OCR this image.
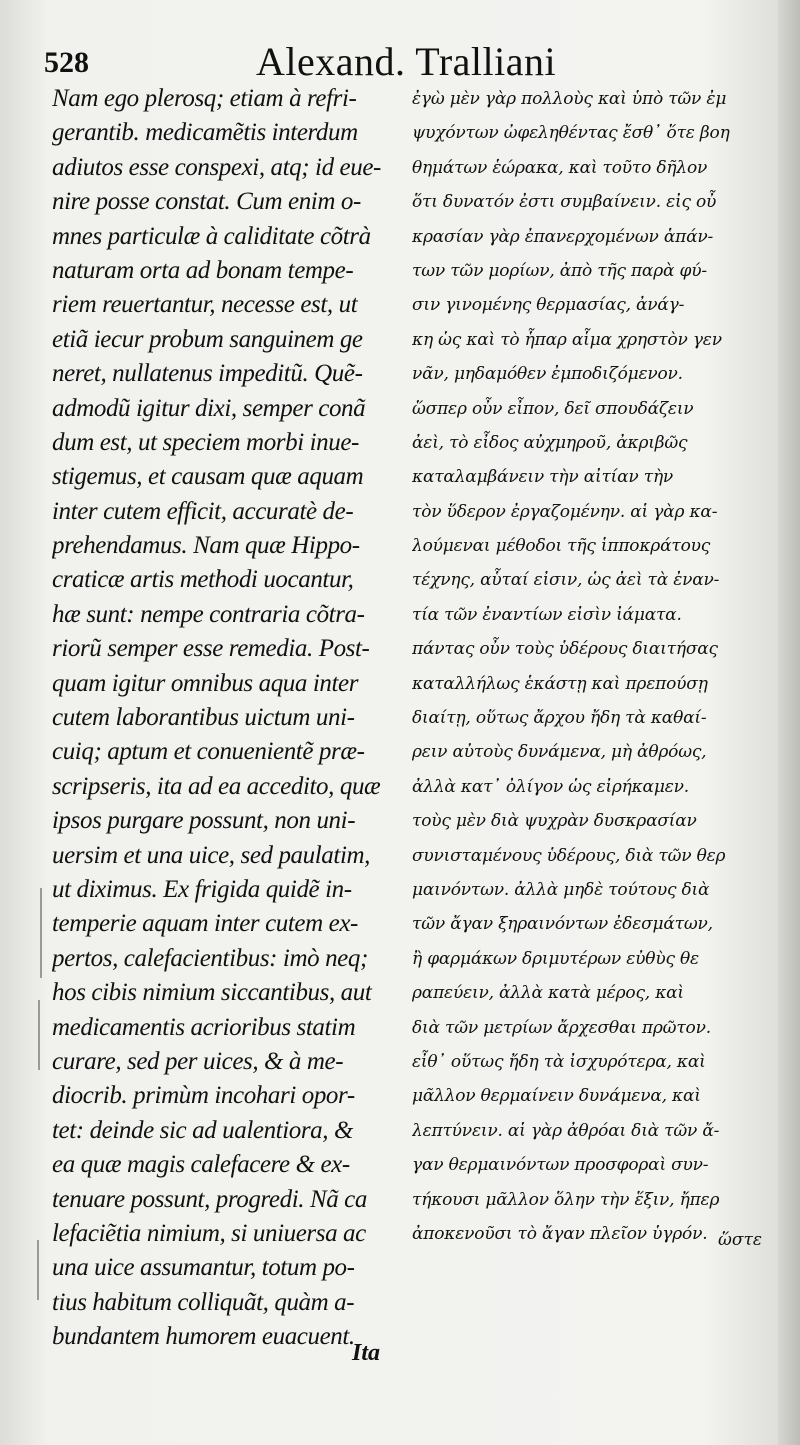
528	Alexand. Tralliani
Nam ego plerosq; etiam à refri-
gerantib. medicamẽtis interdum
adiutos esse conspexi, atq; id eue-
nire posse constat. Cum enim o-
mnes particulæ à caliditate cõtrà
naturam orta ad bonam tempe-
riem reuertantur, necesse est, ut
etiã iecur probum sanguinem ge
neret, nullatenus impeditũ. Quẽ-
admodũ igitur dixi, semper conã
dum est, ut speciem morbi inue-
stigemus, et causam quæ aquam
inter cutem efficit, accuratè de-
prehendamus. Nam quæ Hippo-
craticæ artis methodi uocantur,
hæ sunt: nempe contraria cõtra-
riorũ semper esse remedia. Post-
quam igitur omnibus aqua inter
cutem laborantibus uictum uni-
cuiq; aptum et conuenientẽ præ-
scripseris, ita ad ea accedito, quæ
ipsos purgare possunt, non uni-
uersim et una uice, sed paulatim,
ut diximus. Ex frigida quidẽ in-
temperie aquam inter cutem ex-
pertos, calefacientibus: imò neq;
hos cibis nimium siccantibus, aut
medicamentis acrioribus statim
curare, sed per uices, & à me-
diocrib. primùm incohari opor-
tet: deinde sic ad ualentiora, &
ea quæ magis calefacere & ex-
tenuare possunt, progredi. Nã ca
lefaciẽtia nimium, si uniuersa ac
una uice assumantur, totum po-
tius habitum colliquãt, quàm a-
bundantem humorem euacuent.
ἐγὼ μὲν γὰρ πολλοὺς καὶ ὑπὸ τῶν ἐμ
ψυχόντων ὠφεληθέντας ἔσθ᾽ ὅτε βοη
θημάτων ἑώρακα, καὶ τοῦτο δῆλον
ὅτι δυνατόν ἐστι συμβαίνειν. εἰς οὖ
κρασίαν γὰρ ἐπανερχομένων ἁπάν-
των τῶν μορίων, ἀπὸ τῆς παρὰ φύ-
σιν γινομένης θερμασίας, ἀνάγ-
κη ὡς καὶ τὸ ἧπαρ αἷμα χρηστὸν γεν
νᾶν, μηδαμόθεν ἐμποδιζόμενον.
ὥσπερ οὖν εἶπον, δεῖ σπουδάζειν
ἀεὶ, τὸ εἶδος αὐχμηροῦ, ἀκριβῶς
καταλαμβάνειν τὴν αἰτίαν τὴν
τὸν ὕδερον ἐργαζομένην. αἱ γὰρ κα-
λούμεναι μέθοδοι τῆς ἱπποκράτους
τέχνης, αὗταί εἰσιν, ὡς ἀεὶ τὰ ἐναν-
τία τῶν ἐναντίων εἰσὶν ἰάματα.
πάντας οὖν τοὺς ὑδέρους διαιτήσας
καταλλήλως ἑκάστῃ καὶ πρεπούσῃ
διαίτῃ, οὕτως ἄρχου ἤδη τὰ καθαί-
ρειν αὐτοὺς δυνάμενα, μὴ ἀθρόως,
ἀλλὰ κατ᾽ ὀλίγον ὡς εἰρήκαμεν.
τοὺς μὲν διὰ ψυχρὰν δυσκρασίαν
συνισταμένους ὑδέρους, διὰ τῶν θερ
μαινόντων. ἀλλὰ μηδὲ τούτους διὰ
τῶν ἄγαν ξηραινόντων ἐδεσμάτων,
ἢ φαρμάκων δριμυτέρων εὐθὺς θε
ραπεύειν, ἀλλὰ κατὰ μέρος, καὶ
διὰ τῶν μετρίων ἄρχεσθαι πρῶτον.
εἶθ᾽ οὕτως ἤδη τὰ ἰσχυρότερα, καὶ
μᾶλλον θερμαίνειν δυνάμενα, καὶ
λεπτύνειν. αἱ γὰρ ἀθρόαι διὰ τῶν ἄ-
γαν θερμαινόντων προσφοραὶ συν-
τήκουσι μᾶλλον ὅλην τὴν ἕξιν, ἤπερ
ἀποκενοῦσι τὸ ἄγαν πλεῖον ὑγρόν. ὥστε
Ita
